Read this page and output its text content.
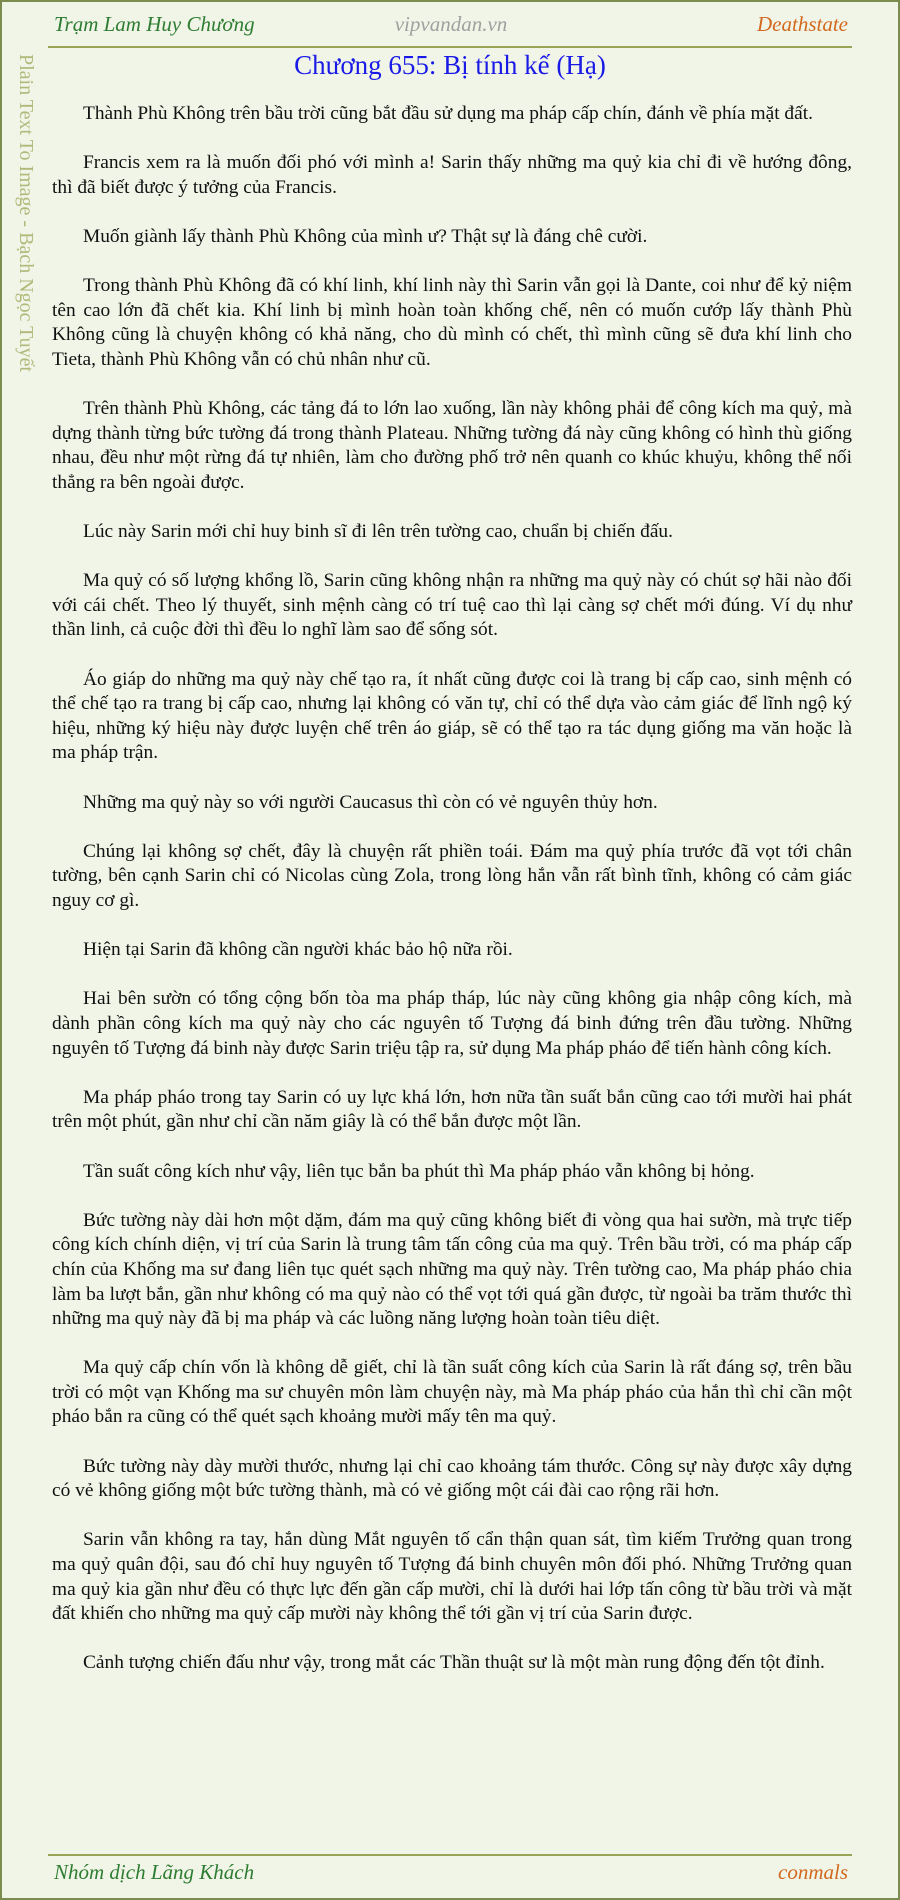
Trạm Lam Huy Chương	vipvandan.vn	Deathstate
Plain Text To Image - Bạch Ngọc Tuyết	Chương 655: Bị tính kế (Hạ)

Thành Phù Không trên bầu trời cũng bắt đầu sử dụng ma pháp cấp chín, đánh về phía mặt đất.

Francis xem ra là muốn đối phó với mình a! Sarin thấy những ma quỷ kia chỉ đi về hướng đông, thì đã biết được ý tưởng của Francis.

Muốn giành lấy thành Phù Không của mình ư? Thật sự là đáng chê cười.

Trong thành Phù Không đã có khí linh, khí linh này thì Sarin vẫn gọi là Dante, coi như để kỷ niệm tên cao lớn đã chết kia. Khí linh bị mình hoàn toàn khống chế, nên có muốn cướp lấy thành Phù Không cũng là chuyện không có khả năng, cho dù mình có chết, thì mình cũng sẽ đưa khí linh cho Tieta, thành Phù Không vẫn có chủ nhân như cũ.

Trên thành Phù Không, các tảng đá to lớn lao xuống, lần này không phải để công kích ma quỷ, mà dựng thành từng bức tường đá trong thành Plateau. Những tường đá này cũng không có hình thù giống nhau, đều như một rừng đá tự nhiên, làm cho đường phố trở nên quanh co khúc khuỷu, không thể nối thẳng ra bên ngoài được.

Lúc này Sarin mới chỉ huy binh sĩ đi lên trên tường cao, chuẩn bị chiến đấu.

Ma quỷ có số lượng khổng lồ, Sarin cũng không nhận ra những ma quỷ này có chút sợ hãi nào đối với cái chết. Theo lý thuyết, sinh mệnh càng có trí tuệ cao thì lại càng sợ chết mới đúng. Ví dụ như thần linh, cả cuộc đời thì đều lo nghĩ làm sao để sống sót.

Áo giáp do những ma quỷ này chế tạo ra, ít nhất cũng được coi là trang bị cấp cao, sinh mệnh có thể chế tạo ra trang bị cấp cao, nhưng lại không có văn tự, chỉ có thể dựa vào cảm giác để lĩnh ngộ ký hiệu, những ký hiệu này được luyện chế trên áo giáp, sẽ có thể tạo ra tác dụng giống ma văn hoặc là ma pháp trận.

Những ma quỷ này so với người Caucasus thì còn có vẻ nguyên thủy hơn.

Chúng lại không sợ chết, đây là chuyện rất phiền toái. Đám ma quỷ phía trước đã vọt tới chân tường, bên cạnh Sarin chỉ có Nicolas cùng Zola, trong lòng hắn vẫn rất bình tĩnh, không có cảm giác nguy cơ gì.

Hiện tại Sarin đã không cần người khác bảo hộ nữa rồi.

Hai bên sườn có tổng cộng bốn tòa ma pháp tháp, lúc này cũng không gia nhập công kích, mà dành phần công kích ma quỷ này cho các nguyên tố Tượng đá binh đứng trên đầu tường. Những nguyên tố Tượng đá binh này được Sarin triệu tập ra, sử dụng Ma pháp pháo để tiến hành công kích.

Ma pháp pháo trong tay Sarin có uy lực khá lớn, hơn nữa tần suất bắn cũng cao tới mười hai phát trên một phút, gần như chỉ cần năm giây là có thể bắn được một lần.

Tần suất công kích như vậy, liên tục bắn ba phút thì Ma pháp pháo vẫn không bị hỏng.

Bức tường này dài hơn một dặm, đám ma quỷ cũng không biết đi vòng qua hai sườn, mà trực tiếp công kích chính diện, vị trí của Sarin là trung tâm tấn công của ma quỷ. Trên bầu trời, có ma pháp cấp chín của Khống ma sư đang liên tục quét sạch những ma quỷ này. Trên tường cao, Ma pháp pháo chia làm ba lượt bắn, gần như không có ma quỷ nào có thể vọt tới quá gần được, từ ngoài ba trăm thước thì những ma quỷ này đã bị ma pháp và các luồng năng lượng hoàn toàn tiêu diệt.

Ma quỷ cấp chín vốn là không dễ giết, chỉ là tần suất công kích của Sarin là rất đáng sợ, trên bầu trời có một vạn Khống ma sư chuyên môn làm chuyện này, mà Ma pháp pháo của hắn thì chỉ cần một pháo bắn ra cũng có thể quét sạch khoảng mười mấy tên ma quỷ.

Bức tường này dày mười thước, nhưng lại chỉ cao khoảng tám thước. Công sự này được xây dựng có vẻ không giống một bức tường thành, mà có vẻ giống một cái đài cao rộng rãi hơn.

Sarin vẫn không ra tay, hắn dùng Mắt nguyên tố cẩn thận quan sát, tìm kiếm Trưởng quan trong ma quỷ quân đội, sau đó chỉ huy nguyên tố Tượng đá binh chuyên môn đối phó. Những Trưởng quan ma quỷ kia gần như đều có thực lực đến gần cấp mười, chỉ là dưới hai lớp tấn công từ bầu trời và mặt đất khiến cho những ma quỷ cấp mười này không thể tới gần vị trí của Sarin được.

Cảnh tượng chiến đấu như vậy, trong mắt các Thần thuật sư là một màn rung động đến tột đỉnh.

Nhóm dịch Lãng Khách	conmals
